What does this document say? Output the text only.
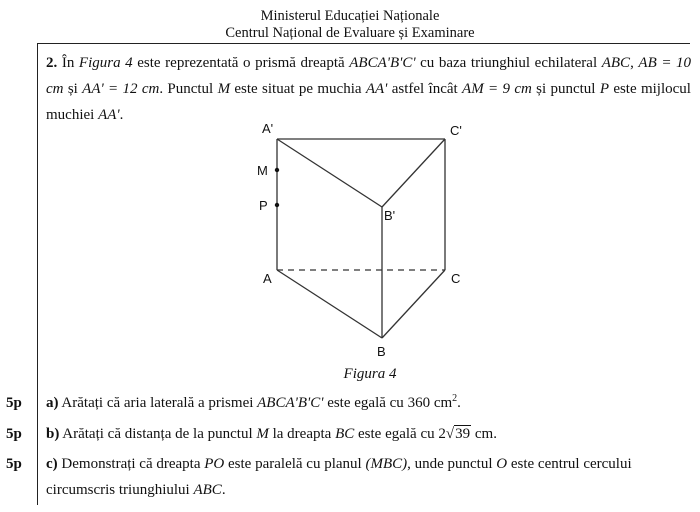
Ministerul Educației Naționale
Centrul Național de Evaluare și Examinare
2. În Figura 4 este reprezentată o prismă dreaptă ABCA'B'C' cu baza triunghiul echilateral ABC, AB = 10 cm și AA' = 12 cm. Punctul M este situat pe muchia AA' astfel încât AM = 9 cm și punctul P este mijlocul muchiei AA'.
A'	C'
B'
M
P
A	C
B
Figura 4
5p	a) Arătați că aria laterală a prismei ABCA'B'C' este egală cu 360 $cm^2$.
5p	b) Arătați că distanța de la punctul M la dreapta BC este egală cu 2√39 cm.
5p	c) Demonstrați că dreapta PO este paralelă cu planul (MBC), unde punctul O este centrul cercului circumscris triunghiului ABC.
